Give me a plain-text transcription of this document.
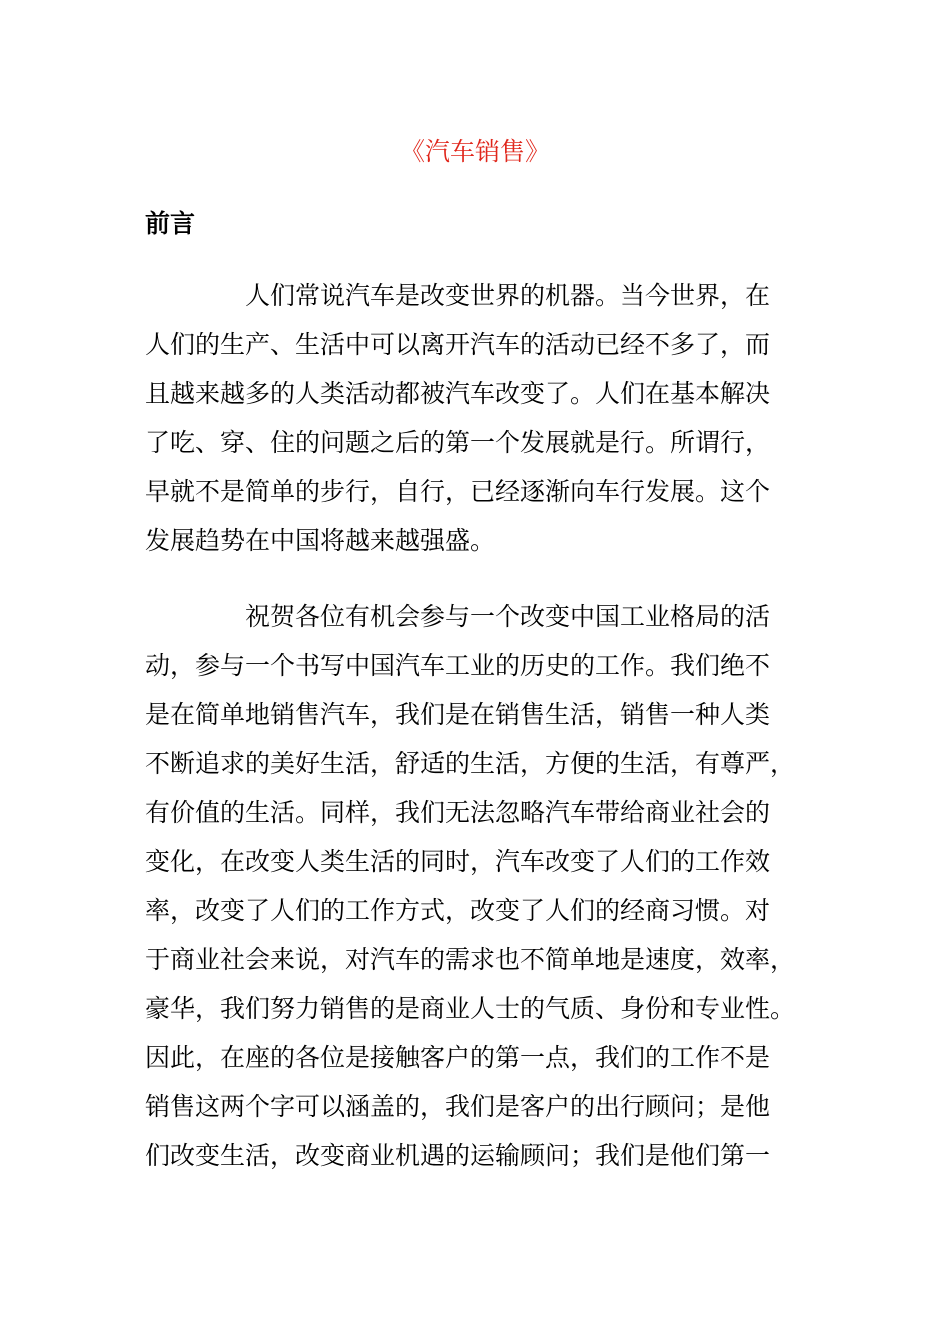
《汽车销售》
前言

人们常说汽车是改变世界的机器。当今世界，在

人们的生产、生活中可以离开汽车的活动已经不多了，而

且越来越多的人类活动都被汽车改变了。人们在基本解决

了吃、穿、住的问题之后的第一个发展就是行。所谓行，

早就不是简单的步行，自行，已经逐渐向车行发展。这个

发展趋势在中国将越来越强盛。

祝贺各位有机会参与一个改变中国工业格局的活

动，参与一个书写中国汽车工业的历史的工作。我们绝不

是在简单地销售汽车，我们是在销售生活，销售一种人类

不断追求的美好生活，舒适的生活，方便的生活，有尊严，

有价值的生活。同样，我们无法忽略汽车带给商业社会的

变化，在改变人类生活的同时，汽车改变了人们的工作效

率，改变了人们的工作方式，改变了人们的经商习惯。对

于商业社会来说，对汽车的需求也不简单地是速度，效率，

豪华，我们努力销售的是商业人士的气质、身份和专业性。

因此，在座的各位是接触客户的第一点，我们的工作不是

销售这两个字可以涵盖的，我们是客户的出行顾问；是他

们改变生活，改变商业机遇的运输顾问；我们是他们第一
